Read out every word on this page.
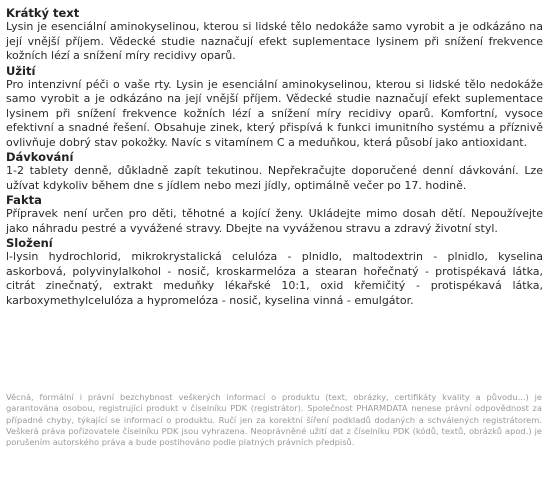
Krátký text

Lysin je esenciální aminokyselinou, kterou si lidské tělo nedokáže samo vyrobit a je odkázáno na její vnější příjem. Vědecké studie naznačují efekt suplementace lysinem při snížení frekvence kožních lézí a snížení míry recidivy oparů.

Užití

Pro intenzivní péči o vaše rty. Lysin je esenciální aminokyselinou, kterou si lidské tělo nedokáže samo vyrobit a je odkázáno na její vnější příjem. Vědecké studie naznačují efekt suplementace lysinem při snížení frekvence kožních lézí a snížení míry recidivy oparů. Komfortní, vysoce efektivní a snadné řešení. Obsahuje zinek, který přispívá k funkci imunitního systému a příznivě ovlivňuje dobrý stav pokožky. Navíc s vitamínem C a meduňkou, která působí jako antioxidant.

Dávkování

1-2 tablety denně, důkladně zapít tekutinou. Nepřekračujte doporučené denní dávkování. Lze užívat kdykoliv během dne s jídlem nebo mezi jídly, optimálně večer po 17. hodině.

Fakta

Přípravek není určen pro děti, těhotné a kojící ženy. Ukládejte mimo dosah dětí. Nepoužívejte jako náhradu pestré a vyvážené stravy. Dbejte na vyváženou stravu a zdravý životní styl.

Složení

l-lysin hydrochlorid, mikrokrystalická celulóza - plnidlo, maltodextrin - plnidlo, kyselina askorbová, polyvinylalkohol - nosič, kroskarmelóza a stearan hořečnatý - protispékavá látka, citrát zinečnatý, extrakt meduňky lékařské 10:1, oxid křemičitý - protispékavá látka, karboxymethylcelulóza a hypromelóza - nosič, kyselina vinná - emulgátor.

Věcná, formální i právní bezchybnost veškerých informací o produktu (text, obrázky, certifikáty kvality a původu...) je garantována osobou, registrující produkt v číselníku PDK (registrátor). Společnost PHARMDATA nenese právní odpovědnost za případné chyby, týkající se informací o produktu. Ručí jen za korektní šíření podkladů dodaných a schválených registrátorem. Veškerá práva pořizovatele číselníku PDK jsou vyhrazena. Neoprávněné užití dat z číselníku PDK (kódů, textů, obrázků apod.) je porušením autorského práva a bude postihováno podle platných právních předpisů.
